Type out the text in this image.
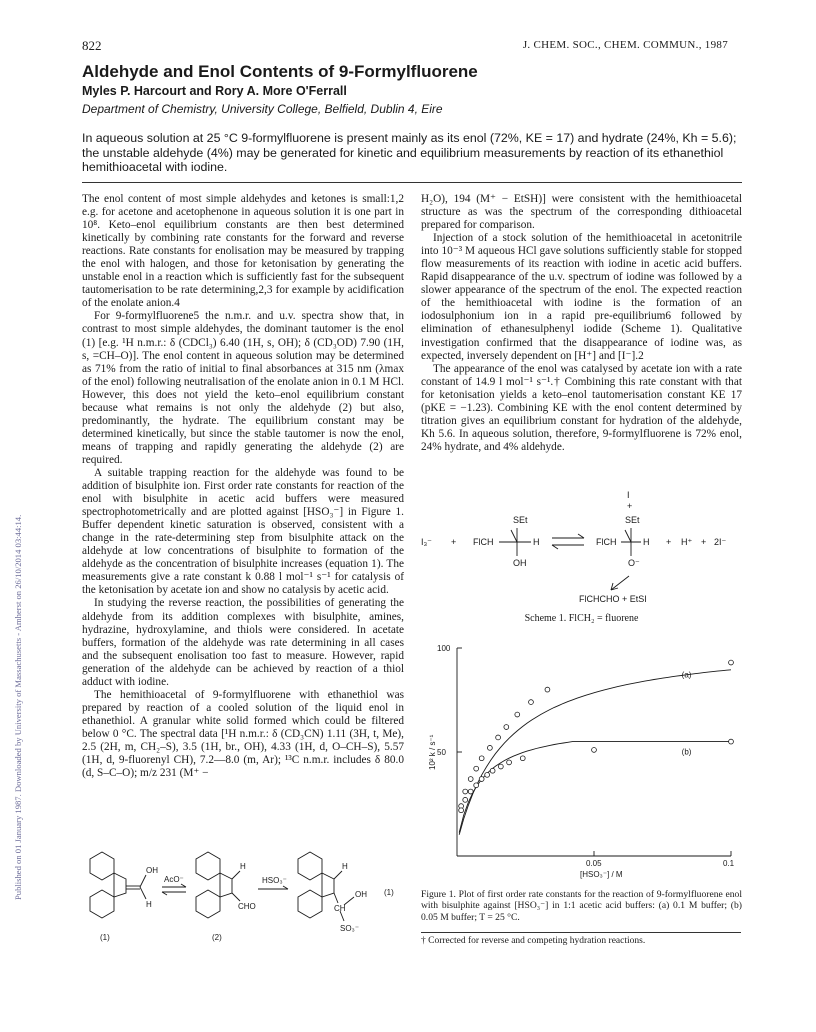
Published on 01 January 1987. Downloaded by University of Massachusetts - Amherst on 26/10/2014 03:44:14.
822	J. CHEM. SOC., CHEM. COMMUN., 1987
Aldehyde and Enol Contents of 9-Formylfluorene
Myles P. Harcourt and Rory A. More O'Ferrall
Department of Chemistry, University College, Belfield, Dublin 4, Eire
In aqueous solution at 25 °C 9-formylfluorene is present mainly as its enol (72%, KE = 17) and hydrate (24%, Kh = 5.6); the unstable aldehyde (4%) may be generated for kinetic and equilibrium measurements by reaction of its ethanethiol hemithioacetal with iodine.

The enol content of most simple aldehydes and ketones is small:1,2 e.g. for acetone and acetophenone in aqueous solution it is one part in 10⁸. Keto–enol equilibrium constants are then best determined kinetically by combining rate constants for the forward and reverse reactions. Rate constants for enolisation may be measured by trapping the enol with halogen, and those for ketonisation by generating the unstable enol in a reaction which is sufficiently fast for the subsequent tautomerisation to be rate determining,2,3 for example by acidification of the enolate anion.4

For 9-formylfluorene5 the n.m.r. and u.v. spectra show that, in contrast to most simple aldehydes, the dominant tautomer is the enol (1) [e.g. ¹H n.m.r.: δ (CDCl₃) 6.40 (1H, s, OH); δ (CD₃OD) 7.90 (1H, s, =CH–O)]. The enol content in aqueous solution may be determined as 71% from the ratio of initial to final absorbances at 315 nm (λmax of the enol) following neutralisation of the enolate anion in 0.1 M HCl. However, this does not yield the keto–enol equilibrium constant because what remains is not only the aldehyde (2) but also, predominantly, the hydrate. The equilibrium constant may be determined kinetically, but since the stable tautomer is now the enol, means of trapping and rapidly generating the aldehyde (2) are required.

A suitable trapping reaction for the aldehyde was found to be addition of bisulphite ion. First order rate constants for reaction of the enol with bisulphite in acetic acid buffers were measured spectrophotometrically and are plotted against [HSO₃⁻] in Figure 1. Buffer dependent kinetic saturation is observed, consistent with a change in the rate-determining step from bisulphite attack on the aldehyde at low concentrations of bisulphite to formation of the aldehyde as the concentration of bisulphite increases (equation 1). The measurements give a rate constant k 0.88 l mol⁻¹ s⁻¹ for catalysis of the ketonisation by acetate ion and show no catalysis by acetic acid.

In studying the reverse reaction, the possibilities of generating the aldehyde from its addition complexes with bisulphite, amines, hydrazine, hydroxylamine, and thiols were considered. In acetate buffers, formation of the aldehyde was rate determining in all cases and the subsequent enolisation too fast to measure. However, rapid generation of the aldehyde can be achieved by reaction of a thiol adduct with iodine.

The hemithioacetal of 9-formylfluorene with ethanethiol was prepared by reaction of a cooled solution of the liquid enol in ethanethiol. A granular white solid formed which could be filtered below 0 °C. The spectral data [¹H n.m.r.: δ (CD₃CN) 1.11 (3H, t, Me), 2.5 (2H, m, CH₂–S), 3.5 (1H, br., OH), 4.33 (1H, d, O–CH–S), 5.57 (1H, d, 9-fluorenyl CH), 7.2—8.0 (m, Ar); ¹³C n.m.r. includes δ 80.0 (d, S–C–O); m/z 231 (M⁺ −

H₂O), 194 (M⁺ − EtSH)] were consistent with the hemithioacetal structure as was the spectrum of the corresponding dithioacetal prepared for comparison.

Injection of a stock solution of the hemithioacetal in acetonitrile into 10⁻³ M aqueous HCl gave solutions sufficiently stable for stopped flow measurements of its reaction with iodine in acetic acid buffers. Rapid disappearance of the u.v. spectrum of iodine was followed by a slower appearance of the spectrum of the enol. The expected reaction of the hemithioacetal with iodine is the formation of an iodosulphonium ion in a rapid pre-equilibrium6 followed by elimination of ethanesulphenyl iodide (Scheme 1). Qualitative investigation confirmed that the disappearance of iodine was, as expected, inversely dependent on [H⁺] and [I⁻].2

The appearance of the enol was catalysed by acetate ion with a rate constant of 14.9 l mol⁻¹ s⁻¹.† Combining this rate constant with that for ketonisation yields a keto–enol tautomerisation constant KE 17 (pKE = −1.23). Combining KE with the enol content determined by titration gives an equilibrium constant for hydration of the aldehyde, Kh 5.6. In aqueous solution, therefore, 9-formylfluorene is 72% enol, 24% hydrate, and 4% aldehyde.

I₃⁻ + FlCH
SEt
H
OH
I
+
SEt
FlCH	H
O⁻
+ H⁺ + 2I⁻
FlCHCHO + EtSI
Scheme 1. FlCH₂ = fluorene
100
50
0.05	0.1
10² k / s⁻¹
[HSO₃⁻] / M
(a)
(b)
Figure 1. Plot of first order rate constants for the reaction of 9-formylfluorene enol with bisulphite against [HSO₃⁻] in 1:1 acetic acid buffers: (a) 0.1 M buffer; (b) 0.05 M buffer; T = 25 °C.
† Corrected for reverse and competing hydration reactions.
OH
H
(1)
AcO⁻
H
CHO
(2)
HSO₃⁻
H
OH
CH
SO₃⁻
(1)
